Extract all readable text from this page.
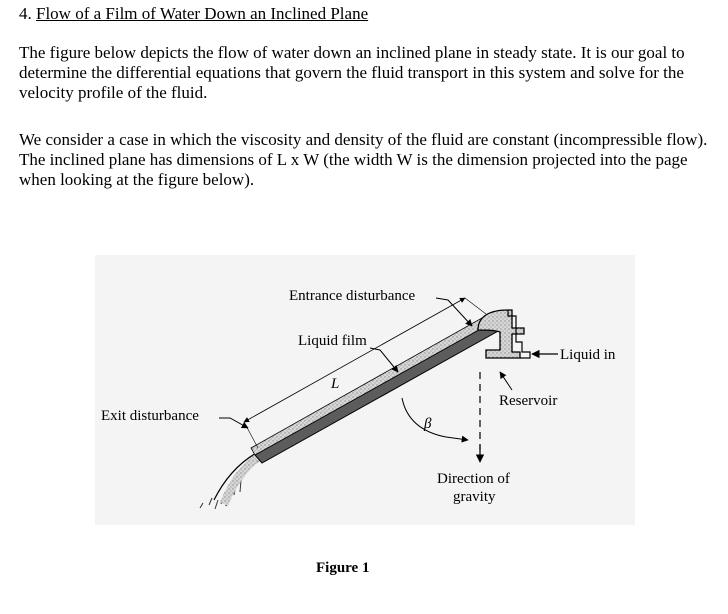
4. Flow of a Film of Water Down an Inclined Plane

The figure below depicts the flow of water down an inclined plane in steady state. It is our goal to determine the differential equations that govern the fluid transport in this system and solve for the velocity profile of the fluid.

We consider a case in which the viscosity and density of the fluid are constant (incompressible flow). The inclined plane has dimensions of L x W (the width W is the dimension projected into the page when looking at the figure below).

Liquid in
Entrance disturbance
Liquid film
L
Exit disturbance
Direction of
gravity
Reservoir
β
Figure 1
